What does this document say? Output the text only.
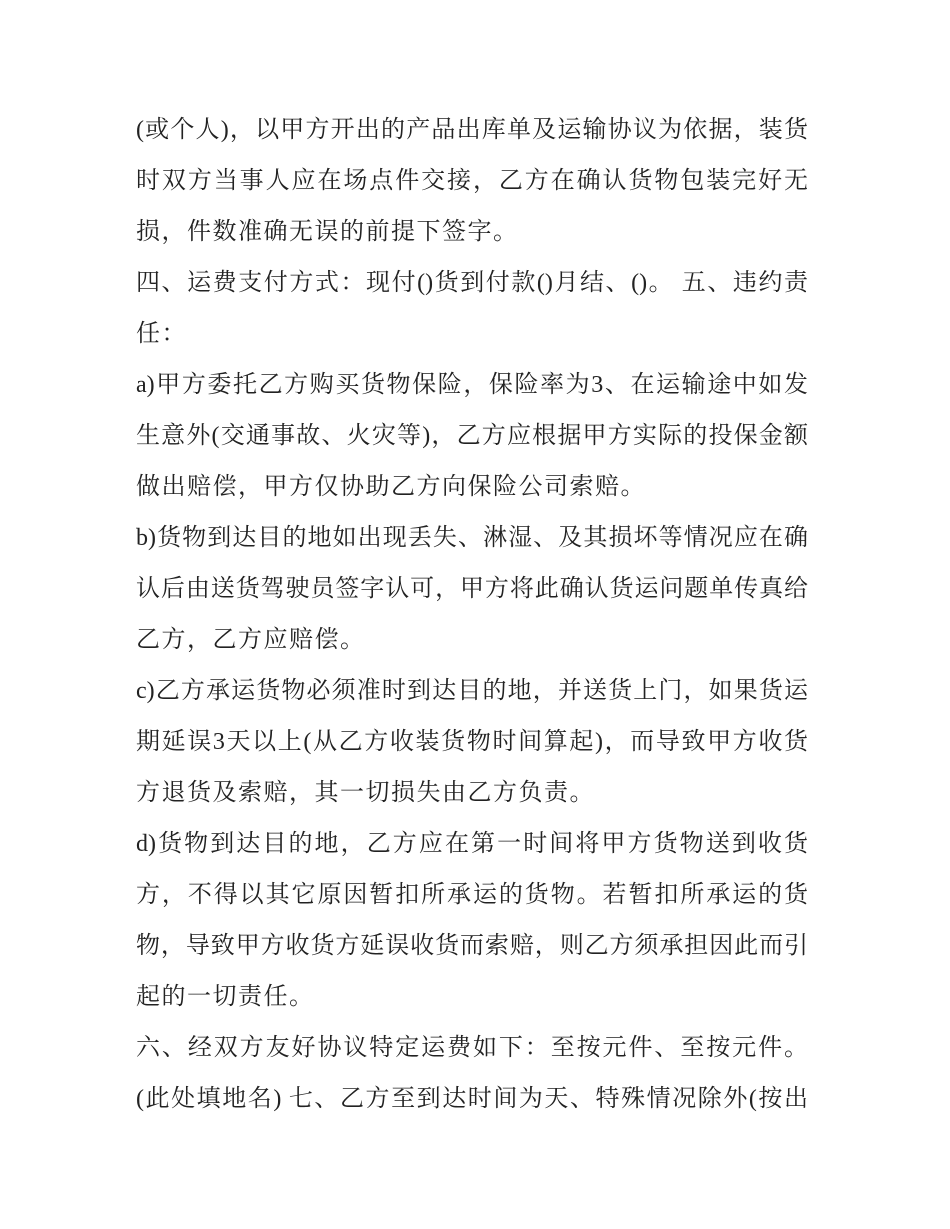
(或个人)，以甲方开出的产品出库单及运输协议为依据，装货
时双方当事人应在场点件交接，乙方在确认货物包装完好无
损，件数准确无误的前提下签字。
四、运费支付方式：现付()货到付款()月结、()。 五、违约责
任：
a)甲方委托乙方购买货物保险，保险率为3、在运输途中如发
生意外(交通事故、火灾等)，乙方应根据甲方实际的投保金额
做出赔偿，甲方仅协助乙方向保险公司索赔。
b)货物到达目的地如出现丢失、淋湿、及其损坏等情况应在确
认后由送货驾驶员签字认可，甲方将此确认货运问题单传真给
乙方，乙方应赔偿。
c)乙方承运货物必须准时到达目的地，并送货上门，如果货运
期延误3天以上(从乙方收装货物时间算起)，而导致甲方收货
方退货及索赔，其一切损失由乙方负责。
d)货物到达目的地，乙方应在第一时间将甲方货物送到收货
方，不得以其它原因暂扣所承运的货物。若暂扣所承运的货
物，导致甲方收货方延误收货而索赔，则乙方须承担因此而引
起的一切责任。
六、经双方友好协议特定运费如下：至按元件、至按元件。
(此处填地名) 七、乙方至到达时间为天、特殊情况除外(按出
